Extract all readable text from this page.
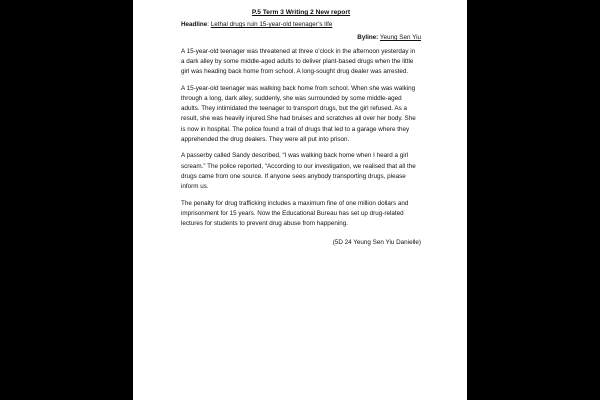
P.5 Term 3 Writing 2 New report
Headline: Lethal drugs ruin 15-year-old teenager’s life
Byline: Yeung Sen Yiu

A 15-year-old teenager was threatened at three o’clock in the afternoon yesterday in a dark alley by some middle-aged adults to deliver plant-based drugs when the little girl was heading back home from school. A long-sought drug dealer was arrested.

A 15-year-old teenager was walking back home from school. When she was walking through a long, dark alley, suddenly, she was surrounded by some middle-aged adults. They intimidated the teenager to transport drugs, but the girl refused. As a result, she was heavily injured.She had bruises and scratches all over her body. She is now in hospital. The police found a trail of drugs that led to a garage where they apprehended the drug dealers. They were all put into prison.

A passerby called Sandy described, “I was walking back home when I heard a girl scream.” The police reported, “According to our investigation, we realised that all the drugs came from one source. If anyone sees anybody transporting drugs, please inform us.

The penalty for drug trafficking includes a maximum fine of one million dollars and imprisonment for 15 years. Now the Educational Bureau has set up drug-related lectures for students to prevent drug abuse from happening.

(5D 24 Yeung Sen Yiu Danielle)
